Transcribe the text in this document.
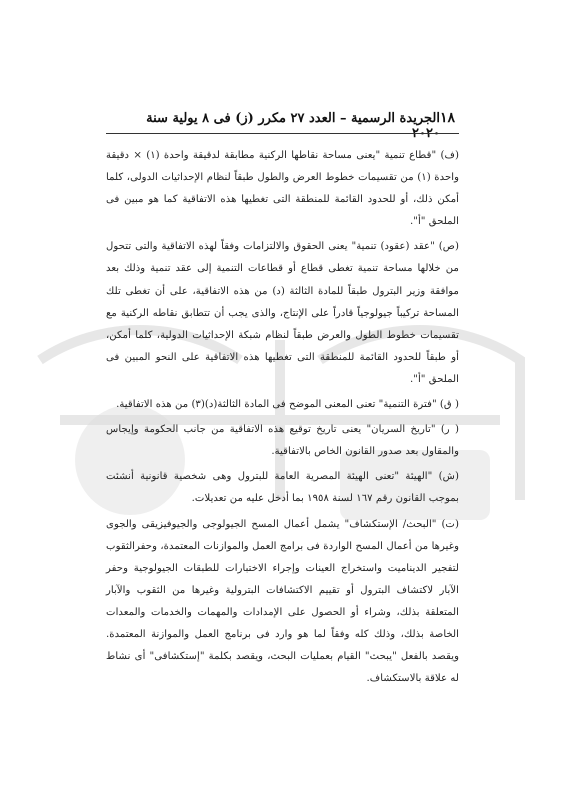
١٨
الجريدة الرسمية – العدد ٢٧ مكرر (ز) فى ٨ يولية سنة ٢٠٢٠

(ف) "قطاع تنمية "يعنى مساحة نقاطها الركنية مطابقة لدقيقة واحدة (١) × دقيقة واحدة (١) من تقسيمات خطوط العرض والطول طبقاً لنظام الإحداثيات الدولى، كلما أمكن ذلك، أو للحدود القائمة للمنطقة التى تغطيها هذه الاتفاقية كما هو مبين فى الملحق "أ".

(ص) "عقد (عقود) تنمية" يعنى الحقوق والالتزامات وفقاً لهذه الاتفاقية والتى تتحول من خلالها مساحة تنمية تغطى قطاع أو قطاعات التنمية إلى عقد تنمية وذلك بعد موافقة وزير البترول طبقاً للمادة الثالثة (د) من هذه الاتفاقية، على أن تغطى تلك المساحة تركيباً جيولوجياً قادراً على الإنتاج، والذى يجب أن تتطابق نقاطه الركنية مع تقسيمات خطوط الطول والعرض طبقاً لنظام شبكة الإحداثيات الدولية، كلما أمكن، أو طبقاً للحدود القائمة للمنطقة التى تغطيها هذه الاتفاقية على النحو المبين فى الملحق "أ".

( ق) "فترة التنمية" تعنى المعنى الموضح فى المادة الثالثة(د)(٣) من هذه الاتفاقية.

( ر) "تاريخ السريان" يعنى تاريخ توقيع هذه الاتفاقية من جانب الحكومة وإيجاس والمقاول بعد صدور القانون الخاص بالاتفاقية.

(ش) "الهيئة "تعنى الهيئة المصرية العامة للبترول وهى شخصية قانونية أنشئت بموجب القانون رقم ١٦٧ لسنة ١٩٥٨ بما أدخل عليه من تعديلات.

(ت) "البحث/ الإستكشاف" يشمل أعمال المسح الجيولوجى والجيوفيزيقى والجوى وغيرها من أعمال المسح الواردة فى برامج العمل والموازنات المعتمدة، وحفرالثقوب لتفجير الديناميت واستخراج العينات وإجراء الاختبارات للطبقات الجيولوجية وحفر الآبار لاكتشاف البترول أو تقييم الاكتشافات البترولية وغيرها من الثقوب والآبار المتعلقة بذلك، وشراء أو الحصول على الإمدادات والمهمات والخدمات والمعدات الخاصة بذلك، وذلك كله وفقاً لما هو وارد فى برنامج العمل والموازنة المعتمدة. ويقصد بالفعل "يبحث" القيام بعمليات البحث، ويقصد بكلمة "إستكشافى" أى نشاط له علاقة بالاستكشاف.
